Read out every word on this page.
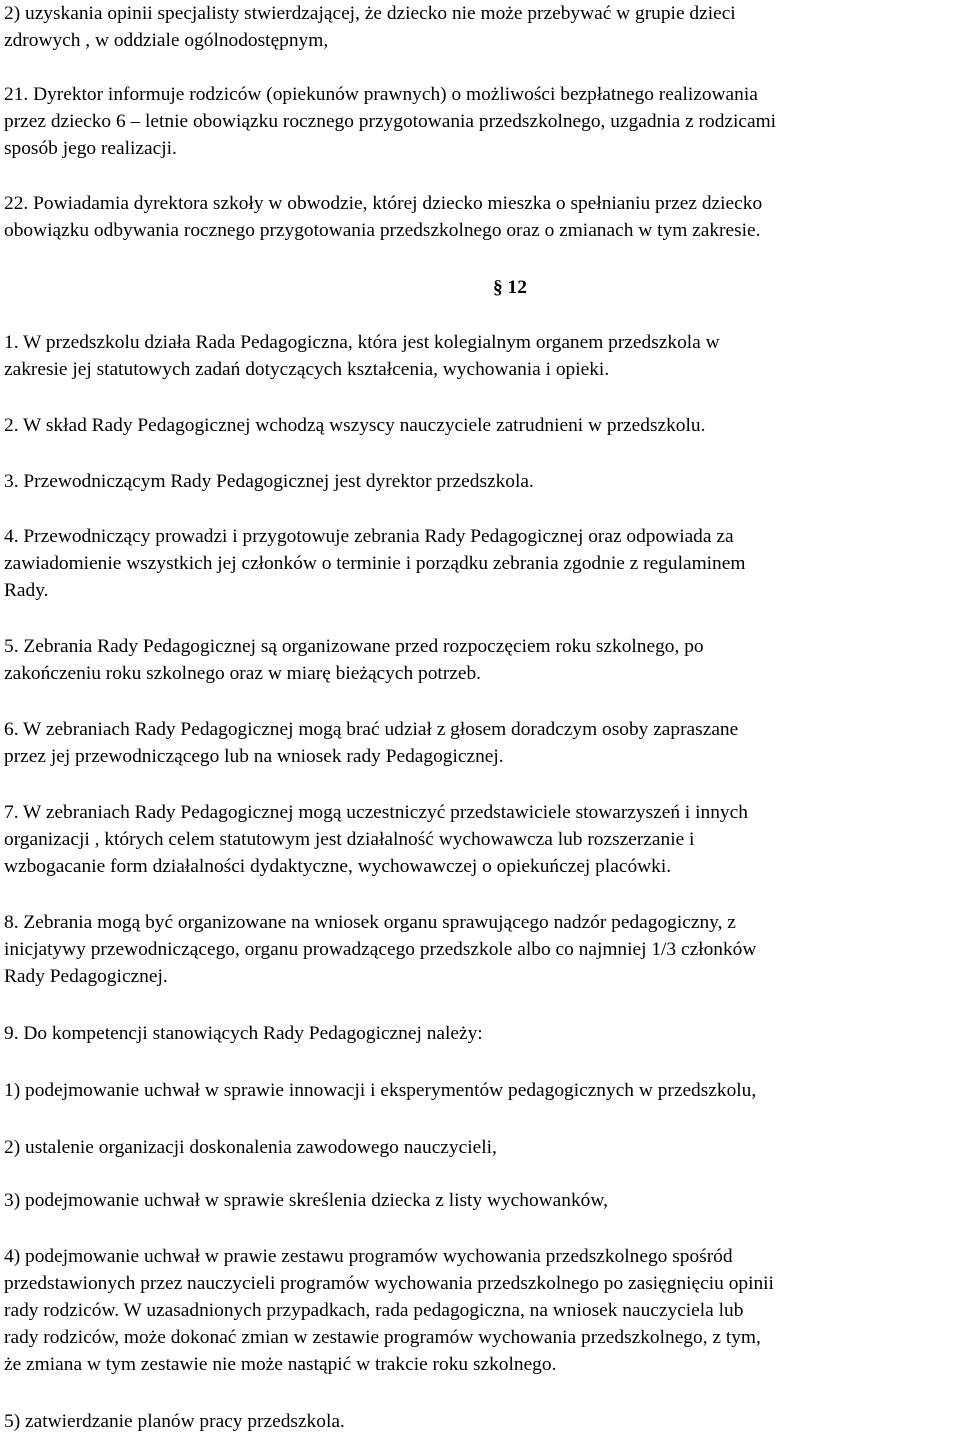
2) uzyskania opinii specjalisty stwierdzającej, że dziecko nie może przebywać w grupie dzieci
zdrowych , w oddziale ogólnodostępnym,
21. Dyrektor informuje rodziców (opiekunów prawnych) o możliwości bezpłatnego realizowania
przez dziecko 6 – letnie obowiązku rocznego przygotowania przedszkolnego, uzgadnia z rodzicami
sposób jego realizacji.
22. Powiadamia dyrektora szkoły w obwodzie, której dziecko mieszka o spełnianiu przez dziecko
obowiązku odbywania rocznego przygotowania przedszkolnego oraz o zmianach w tym zakresie.
§ 12
1. W przedszkolu działa Rada Pedagogiczna, która jest kolegialnym organem przedszkola w
zakresie jej statutowych zadań dotyczących kształcenia, wychowania i opieki.
2. W skład Rady Pedagogicznej wchodzą wszyscy nauczyciele zatrudnieni w przedszkolu.
3. Przewodniczącym Rady Pedagogicznej jest dyrektor przedszkola.
4. Przewodniczący prowadzi i przygotowuje zebrania Rady Pedagogicznej oraz odpowiada za
zawiadomienie wszystkich jej członków o terminie i porządku zebrania zgodnie z regulaminem
Rady.
5. Zebrania Rady Pedagogicznej są organizowane przed rozpoczęciem roku szkolnego, po
zakończeniu roku szkolnego oraz w miarę bieżących potrzeb.
6. W zebraniach Rady Pedagogicznej mogą brać udział z głosem doradczym osoby zapraszane
przez jej przewodniczącego lub na wniosek rady Pedagogicznej.
7. W zebraniach Rady Pedagogicznej mogą uczestniczyć przedstawiciele stowarzyszeń i innych
organizacji , których celem statutowym jest działalność wychowawcza lub rozszerzanie i
wzbogacanie form działalności dydaktyczne, wychowawczej o opiekuńczej placówki.
8. Zebrania mogą być organizowane na wniosek organu sprawującego nadzór pedagogiczny, z
inicjatywy przewodniczącego, organu prowadzącego przedszkole albo co najmniej 1/3 członków
Rady Pedagogicznej.
9. Do kompetencji stanowiących Rady Pedagogicznej należy:
1) podejmowanie uchwał w sprawie innowacji i eksperymentów pedagogicznych w przedszkolu,
2) ustalenie organizacji doskonalenia zawodowego nauczycieli,
3) podejmowanie uchwał w sprawie skreślenia dziecka z listy wychowanków,
4) podejmowanie uchwał w prawie zestawu programów wychowania przedszkolnego spośród
przedstawionych przez nauczycieli programów wychowania przedszkolnego po zasięgnięciu opinii
rady rodziców. W uzasadnionych przypadkach, rada pedagogiczna, na wniosek nauczyciela lub
rady rodziców, może dokonać zmian w zestawie programów wychowania przedszkolnego, z tym,
że zmiana w tym zestawie nie może nastąpić w trakcie roku szkolnego.
5) zatwierdzanie planów pracy przedszkola.
